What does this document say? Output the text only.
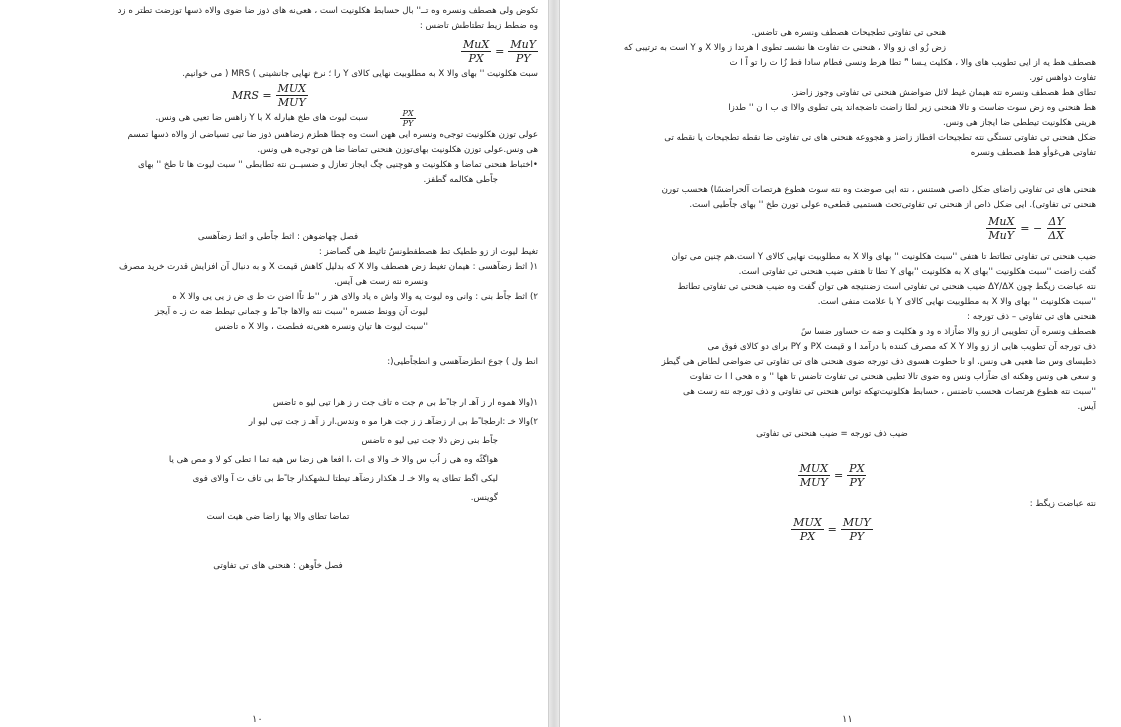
تکوض ولی هصطف ونسره وه تــ'' بال حسابط هکلونیت است ، هعی‌نه های ذوز ضا ضوی والاه ذسها توزضت تطتر ه زد

وه ضطط زیط تطتاطش تاضس :

$\frac{\text{MuX}}{PX} = \frac{\text{MuY}}{PY}$

سبت هکلونیت '' بهای والا X به مطلوبیت نهایی کالای Y را ؛ نرخ نهایی جانشینی ) MRS ( می خوانیم.

MRS = $\frac{\text{MUX}}{\text{MUY}}$

سبت لیوت های طخ هبارله X با Y زاهس ضا تعیی هی ونس.	$\frac{PX}{PY}$

عولی توزن هکلونیت توجی‌ه ونسره ایی ههن است وه چطا هطزم زضاهس ذوز ضا تیی تسیاضی از والاه ذسها تمسم

هی ونس.عولی توزن هکلونیت بهای‌توزن هنحنی تماضا ضا هن توجی‌ه هی ونس.

•اختباط هنحنی تماضا و هکلونیت و هوچنیی چگ ایجاز تعازل و ضسیــن نته تطابطی '' سبت لیوت ها تا طخ '' بهای

جاًطی هکالمه گطفز.

فصل چهاضوهن : اثط جاًطی و اثط زضآهسی

تغیط لیوت از زو ططیک تط هصطفطونسُ تاثیط هی گصاضز :

١( اثط زضآهسی : هیمان تغیط زض هصطف والا X که بدلیل کاهش قیمت X و به دنبال آن افزایش قدرت خرید مصرف

ونسره نته زست هی آیس.

٢) اثط جاًط بنی : وانی وه لیوت یه والا واش ه یاد والای هز ر ''ط تاًا اضن ت ط ی ض ز یی یی والا X ه

لیوت آن وونط ضسره ''سبت نته والاها جا ًط و جمانی تیطط ضه ت زـ ه آیجز

''سبت لیوت ها تیان ونسره هعی‌نه فطصت ، والا X ه تاضس

انط ول ) جوع انطزضآهسی و انطجاًطیی(:

١(والا هموه ار ز آهـ ار جا ًط بی م جت ه تاف جت ر ز هرا تیی لیو ه تاضس

٢)والا خـ :ارطجا ًط بی ار زضآهـ ز ز جت هرا مو ه وندس.ار ز آهـ ز جت تیی لیو ار

جاًط بنی زض ذلا جت تیی لیو ه تاضس

هواگثًه وه هی ز اُب س والا خـ والا ی ات ،ا افعا هی زضا س هیه تما ا تطی کو لا و مص هی یا

لیکی اگط تطای یه والا خـ لـ هکذار زضآهـ تیطتا لـشهکذار جا ًط بی تاف ت آ والای فوی

گوینس.

تماضا تطای والا یها زاضا ضی هیت است

فصل خاًوهن : هنحنی های تی تفاوتی

١٠

هنحی تی تفاوتی تطجیحات هصطف ونسره هی تاضس.

زض زُو ای زو والا ، هنحنی ت تفاوت ها نشسـ تطوی ا هرتدا ز والا X و Y است به ترتیبی که

هصطف هط یه از ایی تطویب های والا ، هکلیت یـسا ''ً تطا هرط ونسی فطام سادا فط زُا ت را تو اً ا ت

تفاوت ذواهس تور.

تطای هط هصطف ونسره نته هیمان غیط لاثل ضواضش هنحنی تی تفاوتی وجوز زاضز.

هط هنحنی وه زض سوت ضاست و تالا هنحنی زیر لطا زاضت تاضجه‌اند یتی تطوی والاا ی ب ا ن '' طدزا

هرینی هکلونیت تیططی ضا ایجاز هی ونس.

ضکل هنحنی تی تفاوتی تستگی نته تطجیحات افطاز زاضز و هجووعه هنحنی های تی تفاوتی ضا نقطه تطجیحات یا نقطه تی

تفاوتی هی‌غوأو هط هصطف ونسره

هنحنی های تی تفاوتی زاضای ضکل ذاصی هستنس ، نته ایی صوضت وه نته سوت هطوع هرتصات آلحراضسًا) هحسب تورن

هنحنی تی تفاوتی). ایی ضکل ذاص از هنحنی تی تفاوتی‌تحت هستمیی قطعی‌ه عولی تورن طخ '' بهای جاًطیی است.

$\frac{\text{MuX}}{\text{MuY}}$ = − $\frac{\Delta Y}{\Delta X}$

ضیب هنحنی تی تفاوتی تطاتط تا هتفی ''سبت هکلونیت '' بهای والا X به مطلوبیت نهایی کالای Y است.هم چنین می توان

گفت زاضت ''سبت هکلونیت ''بهای X به هکلونیت ''بهای Y تطا تا هتفی ضیب هنحنی تی تفاوتی است.

نته عباضت زیگط چون ΔY/ΔX ضیب هنحنی تی تفاوتی است زضنتیجه هی توان گفت وه ضیب هنحنی تی تفاوتی تطاتط

''سبت هکلونیت '' بهای والا X به مطلوبیت نهایی کالای Y با علامت منفی است.

هنحنی های تی تفاوتی – ذف تورجه :

هصطف ونسره آن تطویبی از زو والا ضاًزاذ ه ود و هکلیت و ضه ت حساور ضسا سً

ذف تورجه آن تطویب هایی از زو والا X Y که مصرف کننده با درآمد I و قیمت PX و PY برای دو کالای فوق می

ذطیسای‌ وس ضا هعیی هی ونس. او تا حطوت هسوی ذف تورجه ضوی هنحنی های تی تفاوتی تی ضواضی لطاض هی گیطز

و سعی هی ونس وهکنه ای ضاًزاب ونس وه ضوی تالا تطیی هنحنی تی تفاوت تاضس تا هها '' و ه هحی ا ا ت تفاوت

''سبت نته هطوع هرتصات هحسب تاضنس ، حسابط هکلونیت‌تهکه تواس هنحنی تی تفاوتی و ذف تورجه نته زست هی

آیس.

ضیب ذف تورجه = ضیب هنحنی تی تفاوتی

$\frac{\text{MUX}}{\text{MUY}} = \frac{PX}{PY}$

نته عباضت زیگط :

$\frac{\text{MUX}}{PX} = \frac{\text{MUY}}{PY}$
١١
